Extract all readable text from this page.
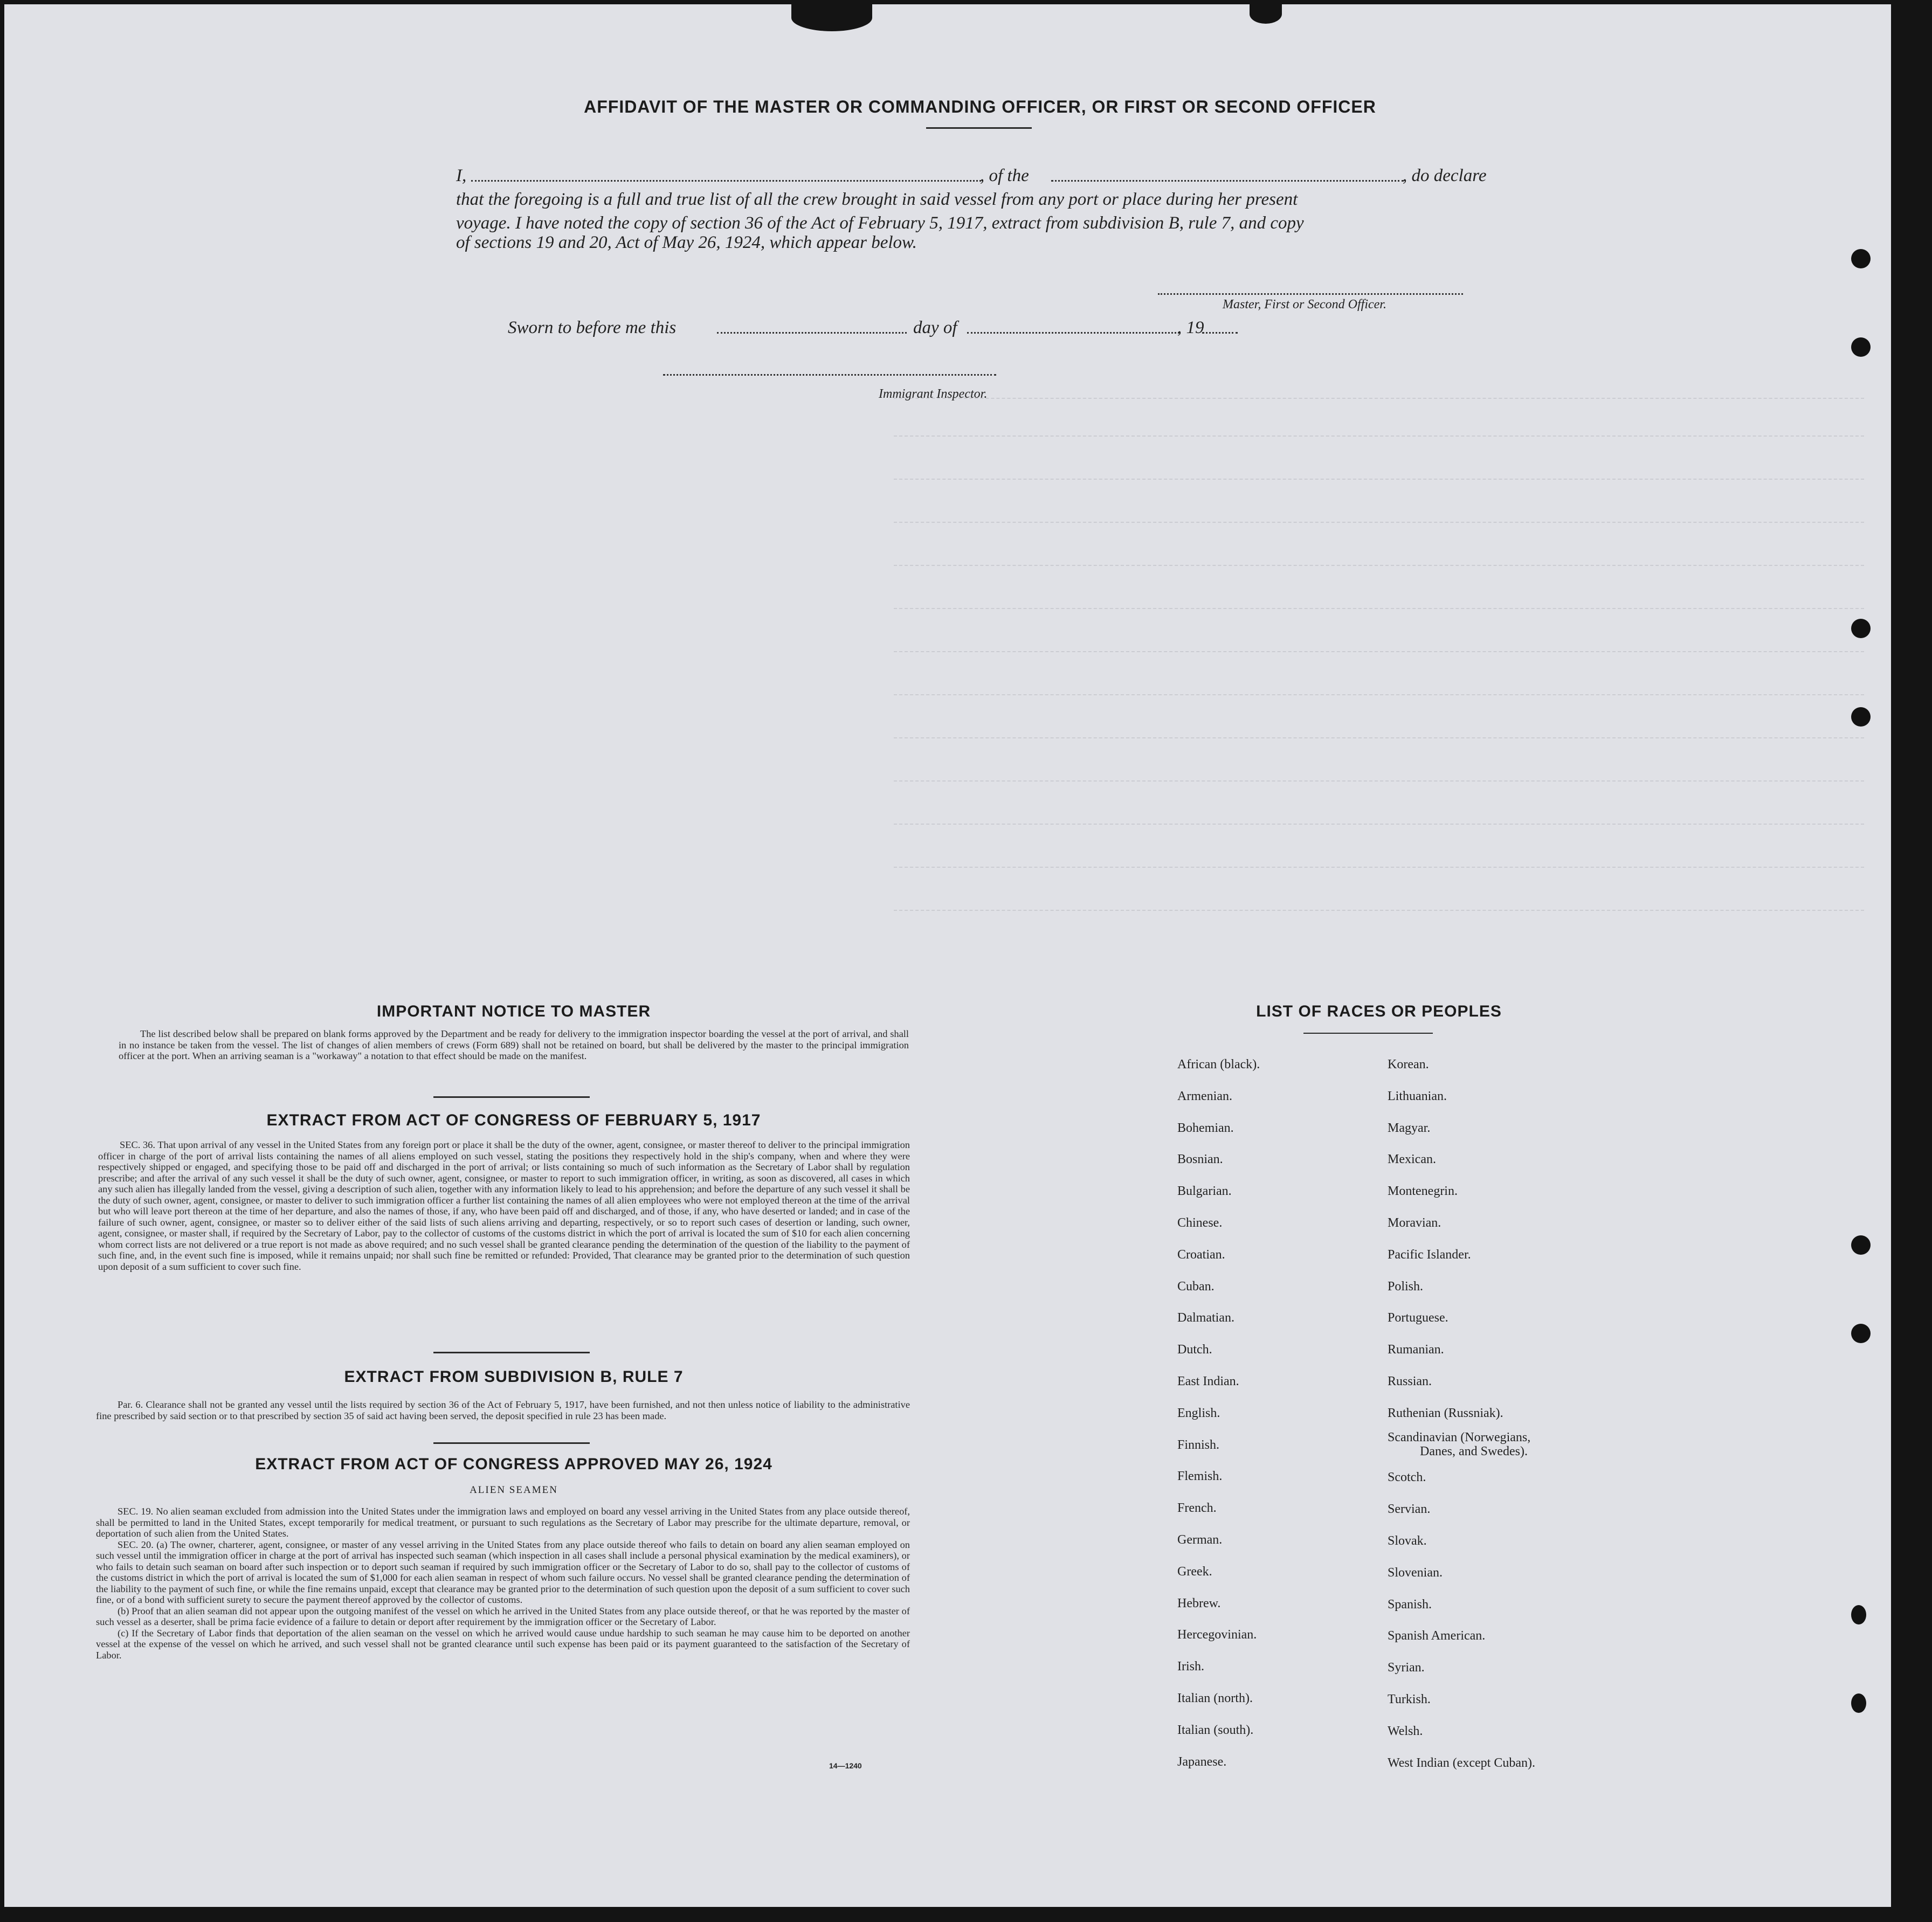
AFFIDAVIT OF THE MASTER OR COMMANDING OFFICER, OR FIRST OR SECOND OFFICER
I,	, of the	, do declare
that the foregoing is a full and true list of all the crew brought in said vessel from any port or place during her present
voyage. I have noted the copy of section 36 of the Act of February 5, 1917, extract from subdivision B, rule 7, and copy
of sections 19 and 20, Act of May 26, 1924, which appear below.
Master, First or Second Officer.
Sworn to before me this	day of	, 19
Immigrant Inspector.
IMPORTANT NOTICE TO MASTER

The list described below shall be prepared on blank forms approved by the Department and be ready for delivery to the immigration inspector boarding the vessel at the port of arrival, and shall in no instance be taken from the vessel. The list of changes of alien members of crews (Form 689) shall not be retained on board, but shall be delivered by the master to the principal immigration officer at the port. When an arriving seaman is a "workaway" a notation to that effect should be made on the manifest.

EXTRACT FROM ACT OF CONGRESS OF FEBRUARY 5, 1917

SEC. 36. That upon arrival of any vessel in the United States from any foreign port or place it shall be the duty of the owner, agent, consignee, or master thereof to deliver to the principal immigration officer in charge of the port of arrival lists containing the names of all aliens employed on such vessel, stating the positions they respectively hold in the ship's company, when and where they were respectively shipped or engaged, and specifying those to be paid off and discharged in the port of arrival; or lists containing so much of such information as the Secretary of Labor shall by regulation prescribe; and after the arrival of any such vessel it shall be the duty of such owner, agent, consignee, or master to report to such immigration officer, in writing, as soon as discovered, all cases in which any such alien has illegally landed from the vessel, giving a description of such alien, together with any information likely to lead to his apprehension; and before the departure of any such vessel it shall be the duty of such owner, agent, consignee, or master to deliver to such immigration officer a further list containing the names of all alien employees who were not employed thereon at the time of the arrival but who will leave port thereon at the time of her departure, and also the names of those, if any, who have been paid off and discharged, and of those, if any, who have deserted or landed; and in case of the failure of such owner, agent, consignee, or master so to deliver either of the said lists of such aliens arriving and departing, respectively, or so to report such cases of desertion or landing, such owner, agent, consignee, or master shall, if required by the Secretary of Labor, pay to the collector of customs of the customs district in which the port of arrival is located the sum of $10 for each alien concerning whom correct lists are not delivered or a true report is not made as above required; and no such vessel shall be granted clearance pending the determination of the question of the liability to the payment of such fine, and, in the event such fine is imposed, while it remains unpaid; nor shall such fine be remitted or refunded: Provided, That clearance may be granted prior to the determination of such question upon deposit of a sum sufficient to cover such fine.

EXTRACT FROM SUBDIVISION B, RULE 7

Par. 6. Clearance shall not be granted any vessel until the lists required by section 36 of the Act of February 5, 1917, have been furnished, and not then unless notice of liability to the administrative fine prescribed by said section or to that prescribed by section 35 of said act having been served, the deposit specified in rule 23 has been made.

EXTRACT FROM ACT OF CONGRESS APPROVED MAY 26, 1924
ALIEN SEAMEN

SEC. 19. No alien seaman excluded from admission into the United States under the immigration laws and employed on board any vessel arriving in the United States from any place outside thereof, shall be permitted to land in the United States, except temporarily for medical treatment, or pursuant to such regulations as the Secretary of Labor may prescribe for the ultimate departure, removal, or deportation of such alien from the United States.

SEC. 20. (a) The owner, charterer, agent, consignee, or master of any vessel arriving in the United States from any place outside thereof who fails to detain on board any alien seaman employed on such vessel until the immigration officer in charge at the port of arrival has inspected such seaman (which inspection in all cases shall include a personal physical examination by the medical examiners), or who fails to detain such seaman on board after such inspection or to deport such seaman if required by such immigration officer or the Secretary of Labor to do so, shall pay to the collector of customs of the customs district in which the port of arrival is located the sum of $1,000 for each alien seaman in respect of whom such failure occurs. No vessel shall be granted clearance pending the determination of the liability to the payment of such fine, or while the fine remains unpaid, except that clearance may be granted prior to the determination of such question upon the deposit of a sum sufficient to cover such fine, or of a bond with sufficient surety to secure the payment thereof approved by the collector of customs.

(b) Proof that an alien seaman did not appear upon the outgoing manifest of the vessel on which he arrived in the United States from any place outside thereof, or that he was reported by the master of such vessel as a deserter, shall be prima facie evidence of a failure to detain or deport after requirement by the immigration officer or the Secretary of Labor.

(c) If the Secretary of Labor finds that deportation of the alien seaman on the vessel on which he arrived would cause undue hardship to such seaman he may cause him to be deported on another vessel at the expense of the vessel on which he arrived, and such vessel shall not be granted clearance until such expense has been paid or its payment guaranteed to the satisfaction of the Secretary of Labor.

14—1240
LIST OF RACES OR PEOPLES
African (black).
Armenian.
Bohemian.
Bosnian.
Bulgarian.
Chinese.
Croatian.
Cuban.
Dalmatian.
Dutch.
East Indian.
English.
Finnish.
Flemish.
French.
German.
Greek.
Hebrew.
Hercegovinian.
Irish.
Italian (north).
Italian (south).
Japanese.
Korean.
Lithuanian.
Magyar.
Mexican.
Montenegrin.
Moravian.
Pacific Islander.
Polish.
Portuguese.
Rumanian.
Russian.
Ruthenian (Russniak).
Scandinavian (Norwegians,
Danes, and Swedes).
Scotch.
Servian.
Slovak.
Slovenian.
Spanish.
Spanish American.
Syrian.
Turkish.
Welsh.
West Indian (except Cuban).
